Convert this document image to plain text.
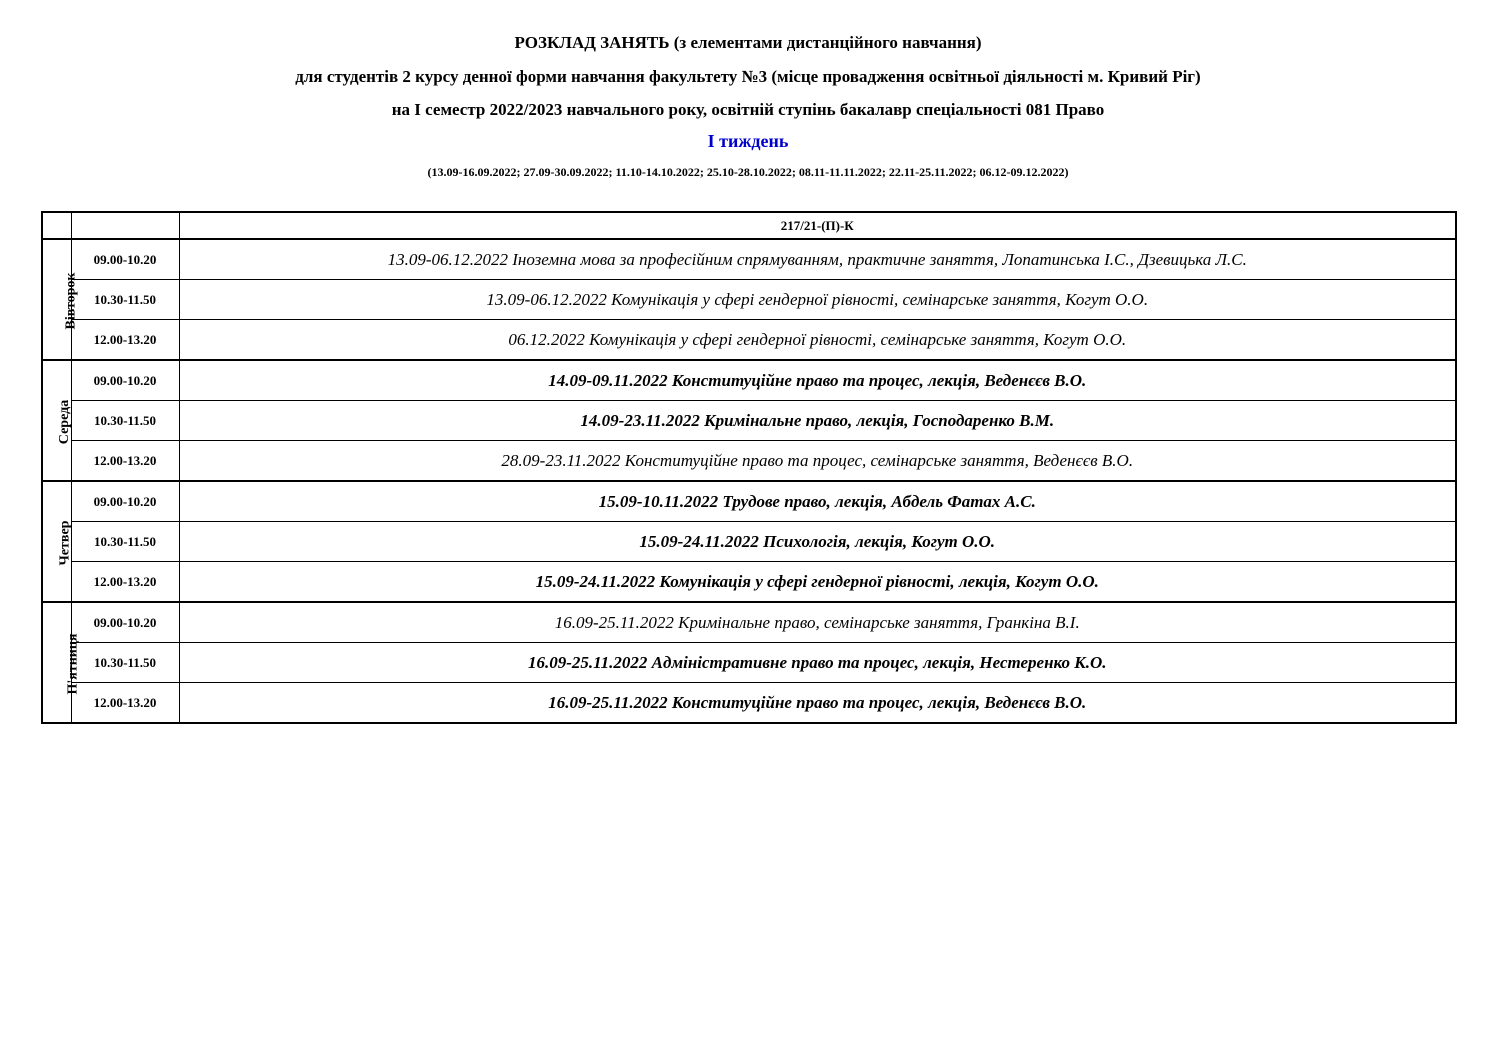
РОЗКЛАД ЗАНЯТЬ (з елементами дистанційного навчання)
для студентів 2 курсу денної форми навчання факультету №3 (місце провадження освітньої діяльності м. Кривий Ріг)
на І семестр 2022/2023 навчального року, освітній ступінь бакалавр спеціальності 081 Право
І тиждень
(13.09-16.09.2022; 27.09-30.09.2022; 11.10-14.10.2022; 25.10-28.10.2022; 08.11-11.11.2022; 22.11-25.11.2022; 06.12-09.12.2022)
		217/21-(П)-К
Вівторок	09.00-10.20	13.09-06.12.2022 Іноземна мова за професійним спрямуванням, практичне заняття, Лопатинська І.С., Дзевицька Л.С.
	10.30-11.50	13.09-06.12.2022 Комунікація у сфері гендерної рівності, семінарське заняття, Когут О.О.
	12.00-13.20	06.12.2022 Комунікація у сфері гендерної рівності, семінарське заняття, Когут О.О.
Середа	09.00-10.20	14.09-09.11.2022 Конституційне право та процес, лекція, Веденєєв В.О.
	10.30-11.50	14.09-23.11.2022 Кримінальне право, лекція, Господаренко В.М.
	12.00-13.20	28.09-23.11.2022 Конституційне право та процес, семінарське заняття, Веденєєв В.О.
Четвер	09.00-10.20	15.09-10.11.2022 Трудове право, лекція, Абдель Фатах А.С.
	10.30-11.50	15.09-24.11.2022 Психологія, лекція, Когут О.О.
	12.00-13.20	15.09-24.11.2022 Комунікація у сфері гендерної рівності, лекція, Когут О.О.
П'ятниця	09.00-10.20	16.09-25.11.2022 Кримінальне право, семінарське заняття, Гранкіна В.І.
	10.30-11.50	16.09-25.11.2022 Адміністративне право та процес, лекція, Нестеренко К.О.
	12.00-13.20	16.09-25.11.2022 Конституційне право та процес, лекція, Веденєєв В.О.
